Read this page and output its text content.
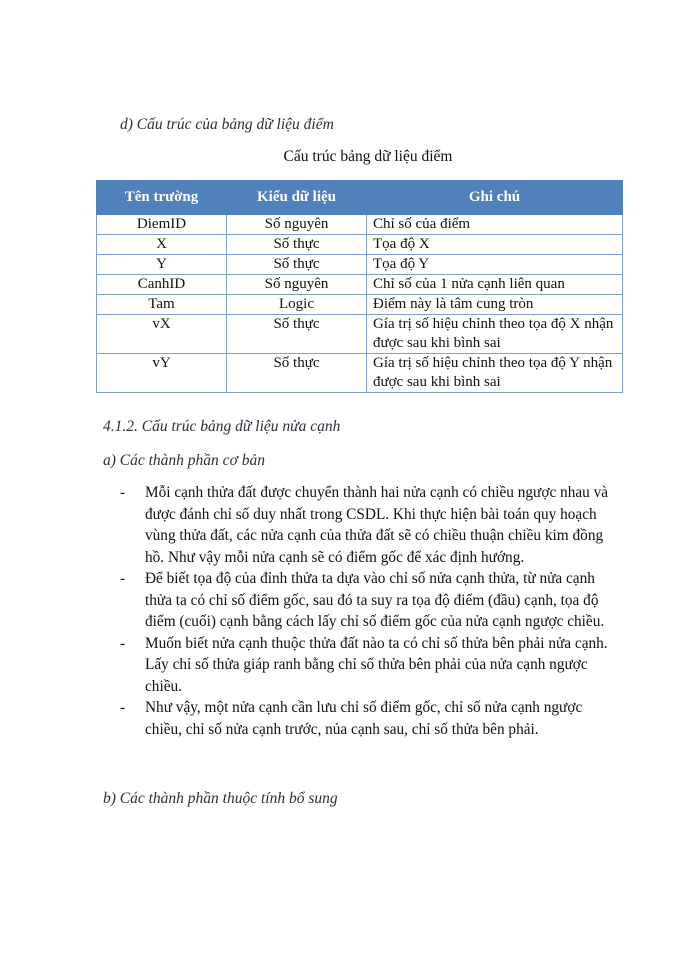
d) Cấu trúc của bảng dữ liệu điểm
Cấu trúc bảng dữ liệu điểm
Tên trường	Kiểu dữ liệu	Ghi chú
DiemID	Số nguyên	Chỉ số của điểm
X	Số thực	Tọa độ X
Y	Số thực	Tọa độ Y
CanhID	Số nguyên	Chỉ số của 1 nửa cạnh liên quan
Tam	Logic	Điểm này là tâm cung tròn
vX	Số thực	Gía trị số hiệu chỉnh theo tọa độ X nhận được sau khi bình sai
vY	Số thực	Gía trị số hiệu chỉnh theo tọa độ Y nhận được sau khi bình sai
4.1.2. Cấu trúc bảng dữ liệu nửa cạnh
a) Các thành phần cơ bản
- Mỗi cạnh thửa đất được chuyển thành hai nửa cạnh có chiều ngược nhau và được đánh chỉ số duy nhất trong CSDL. Khi thực hiện bài toán quy hoạch vùng thửa đất, các nửa cạnh của thửa đất sẽ có chiều thuận chiều kim đồng hồ. Như vậy mỗi nửa cạnh sẽ có điểm gốc để xác định hướng.
- Để biết tọa độ của đỉnh thửa ta dựa vào chỉ số nửa cạnh thửa, từ nửa cạnh thửa ta có chỉ số điểm gốc, sau đó ta suy ra tọa độ điểm (đầu) cạnh, tọa độ điểm (cuối) cạnh bằng cách lấy chỉ số điểm gốc của nửa cạnh ngược chiều.
- Muốn biết nửa cạnh thuộc thửa đất nào ta có chỉ số thửa bên phải nửa cạnh. Lấy chỉ số thửa giáp ranh bằng chỉ số thửa bên phải của nửa cạnh ngược chiều.
- Như vậy, một nửa cạnh cần lưu chỉ số điểm gốc, chỉ số nửa cạnh ngược chiều, chỉ số nửa cạnh trước, nủa cạnh sau, chỉ số thửa bên phải.
b) Các thành phần thuộc tính bổ sung
